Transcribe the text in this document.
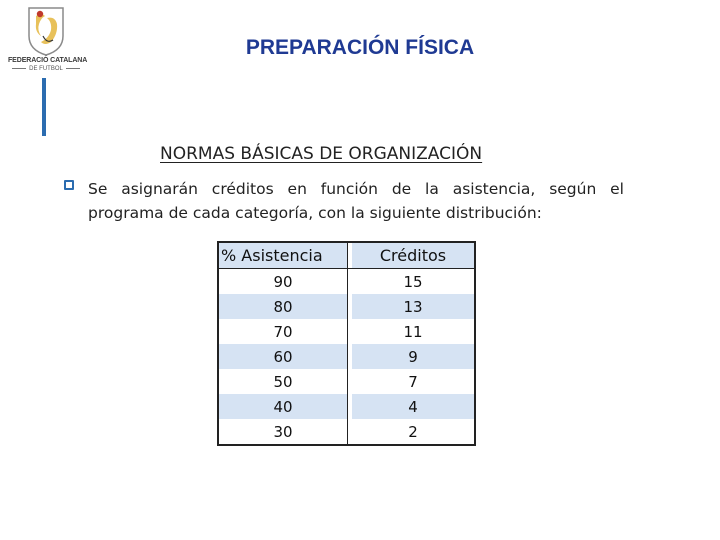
FEDERACIÓ CATALANA
DE FUTBOL
PREPARACIÓN FÍSICA
NORMAS BÁSICAS DE ORGANIZACIÓN
Se asignarán créditos en función de la asistencia, según el programa de cada categoría, con la siguiente distribución:
% Asistencia		Créditos
90		15
80		13
70		11
60		9
50		7
40		4
30		2
